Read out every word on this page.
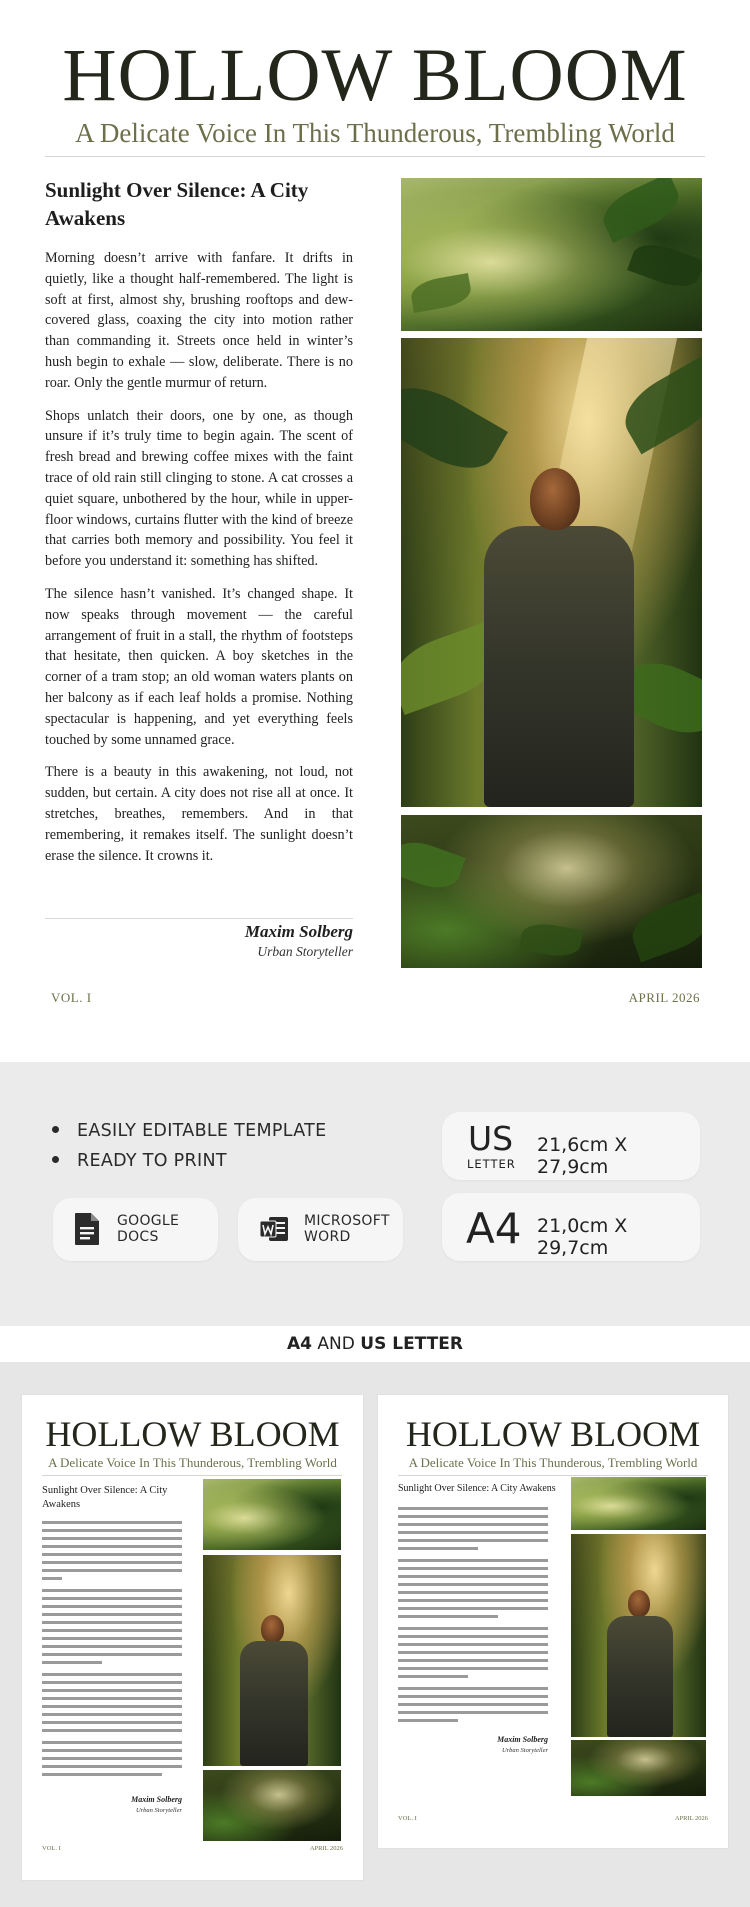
HOLLOW BLOOM
A Delicate Voice In This Thunderous, Trembling World
Sunlight Over Silence: A City Awakens

Morning doesn’t arrive with fanfare. It drifts in quietly, like a thought half-remembered. The light is soft at first, almost shy, brushing rooftops and dew-covered glass, coaxing the city into motion rather than commanding it. Streets once held in winter’s hush begin to exhale — slow, deliberate. There is no roar. Only the gentle murmur of return.

Shops unlatch their doors, one by one, as though unsure if it’s truly time to begin again. The scent of fresh bread and brewing coffee mixes with the faint trace of old rain still clinging to stone. A cat crosses a quiet square, unbothered by the hour, while in upper-floor windows, curtains flutter with the kind of breeze that carries both memory and possibility. You feel it before you understand it: something has shifted.

The silence hasn’t vanished. It’s changed shape. It now speaks through movement — the careful arrangement of fruit in a stall, the rhythm of footsteps that hesitate, then quicken. A boy sketches in the corner of a tram stop; an old woman waters plants on her balcony as if each leaf holds a promise. Nothing spectacular is happening, and yet everything feels touched by some unnamed grace.

There is a beauty in this awakening, not loud, not sudden, but certain. A city does not rise all at once. It stretches, breathes, remembers. And in that remembering, it remakes itself. The sunlight doesn’t erase the silence. It crowns it.

Maxim Solberg
Urban Storyteller
VOL. I	APRIL 2026
EASILY EDITABLE TEMPLATE
READY TO PRINT
GOOGLE
DOCS
MICROSOFT
WORD
US
LETTER
21,6cm X 27,9cm
A4 21,0cm X 29,7cm
A4 AND US LETTER
HOLLOW BLOOM
A Delicate Voice In This Thunderous, Trembling World
Sunlight Over Silence: A City Awakens
Maxim Solberg
Urban Storyteller
VOL. I	APRIL 2026
HOLLOW BLOOM
A Delicate Voice In This Thunderous, Trembling World
Sunlight Over Silence: A City Awakens
Maxim Solberg
Urban Storyteller
VOL. I	APRIL 2026
